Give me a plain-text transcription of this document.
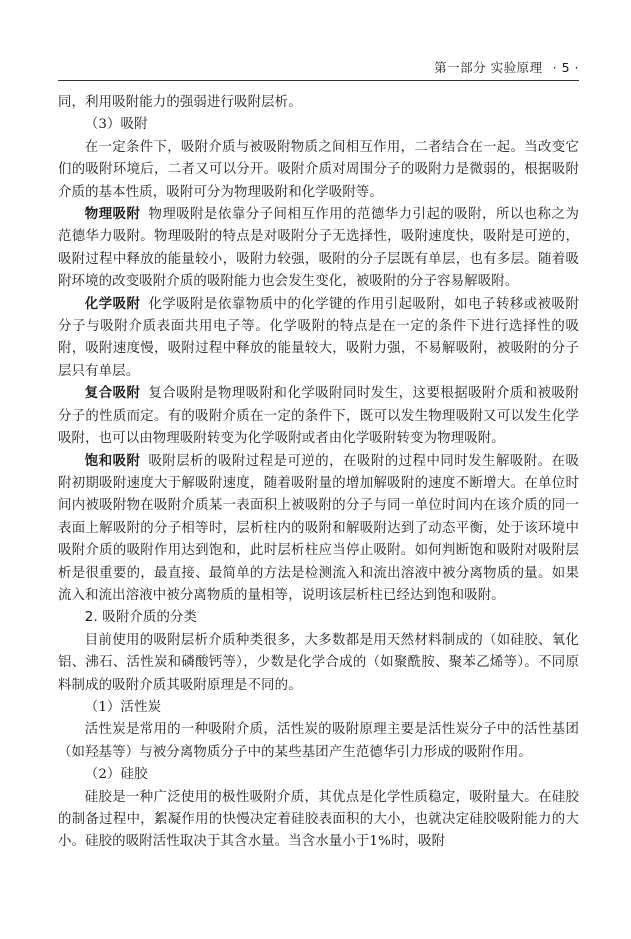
第一部分 实验原理 · 5 ·

同，利用吸附能力的强弱进行吸附层析。

（3）吸附

在一定条件下，吸附介质与被吸附物质之间相互作用，二者结合在一起。当改变它们的吸附环境后，二者又可以分开。吸附介质对周围分子的吸附力是微弱的，根据吸附介质的基本性质，吸附可分为物理吸附和化学吸附等。

物理吸附 物理吸附是依靠分子间相互作用的范德华力引起的吸附，所以也称之为范德华力吸附。物理吸附的特点是对吸附分子无选择性，吸附速度快，吸附是可逆的，吸附过程中释放的能量较小，吸附力较强，吸附的分子层既有单层，也有多层。随着吸附环境的改变吸附介质的吸附能力也会发生变化，被吸附的分子容易解吸附。

化学吸附 化学吸附是依靠物质中的化学键的作用引起吸附，如电子转移或被吸附分子与吸附介质表面共用电子等。化学吸附的特点是在一定的条件下进行选择性的吸附，吸附速度慢，吸附过程中释放的能量较大，吸附力强，不易解吸附，被吸附的分子层只有单层。

复合吸附 复合吸附是物理吸附和化学吸附同时发生，这要根据吸附介质和被吸附分子的性质而定。有的吸附介质在一定的条件下，既可以发生物理吸附又可以发生化学吸附，也可以由物理吸附转变为化学吸附或者由化学吸附转变为物理吸附。

饱和吸附 吸附层析的吸附过程是可逆的，在吸附的过程中同时发生解吸附。在吸附初期吸附速度大于解吸附速度，随着吸附量的增加解吸附的速度不断增大。在单位时间内被吸附物在吸附介质某一表面积上被吸附的分子与同一单位时间内在该介质的同一表面上解吸附的分子相等时，层析柱内的吸附和解吸附达到了动态平衡，处于该环境中吸附介质的吸附作用达到饱和，此时层析柱应当停止吸附。如何判断饱和吸附对吸附层析是很重要的，最直接、最简单的方法是检测流入和流出溶液中被分离物质的量。如果流入和流出溶液中被分离物质的量相等，说明该层析柱已经达到饱和吸附。

2. 吸附介质的分类

目前使用的吸附层析介质种类很多，大多数都是用天然材料制成的（如硅胶、氧化铝、沸石、活性炭和磷酸钙等），少数是化学合成的（如聚酰胺、聚苯乙烯等）。不同原料制成的吸附介质其吸附原理是不同的。

（1）活性炭

活性炭是常用的一种吸附介质，活性炭的吸附原理主要是活性炭分子中的活性基团（如羟基等）与被分离物质分子中的某些基团产生范德华引力形成的吸附作用。

（2）硅胶

硅胶是一种广泛使用的极性吸附介质，其优点是化学性质稳定，吸附量大。在硅胶的制备过程中，絮凝作用的快慢决定着硅胶表面积的大小，也就决定硅胶吸附能力的大小。硅胶的吸附活性取决于其含水量。当含水量小于1%时，吸附
